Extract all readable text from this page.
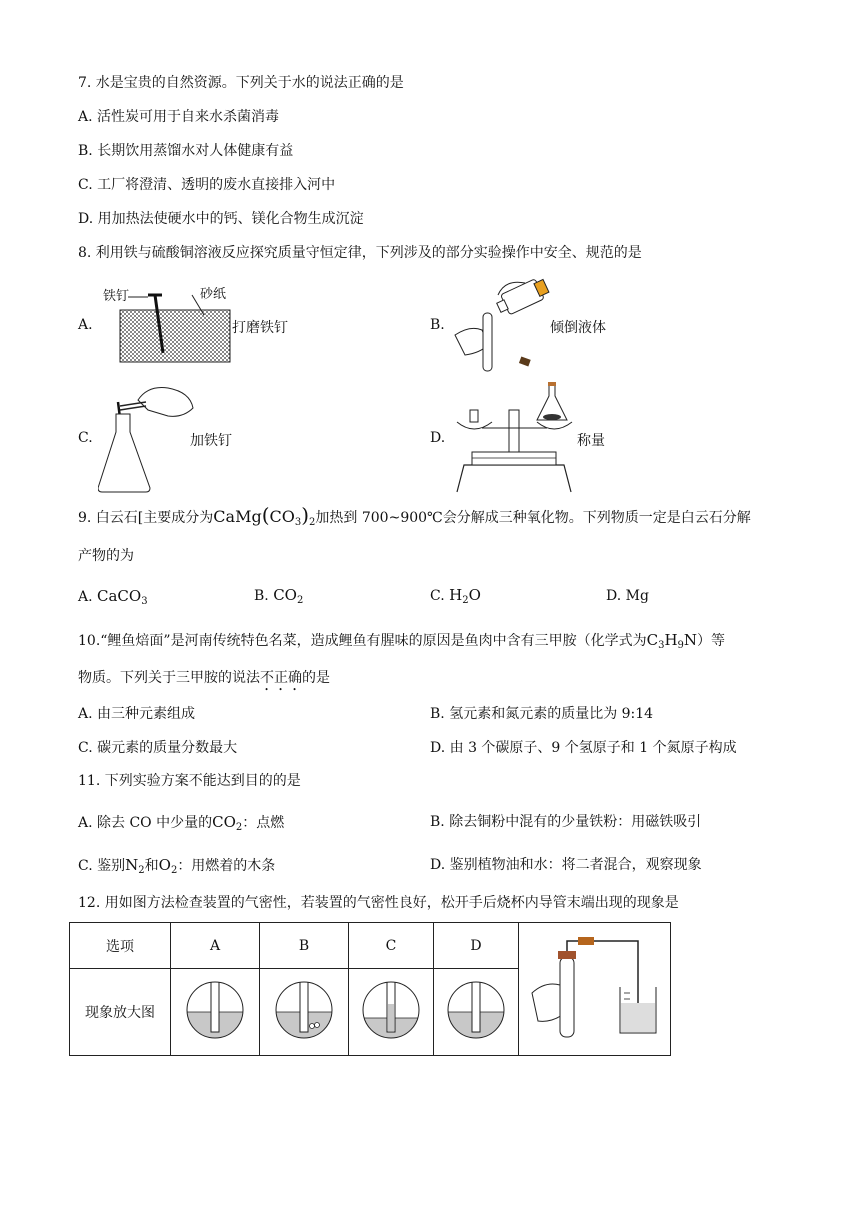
7. 水是宝贵的自然资源。下列关于水的说法正确的是
A. 活性炭可用于自来水杀菌消毒
B. 长期饮用蒸馏水对人体健康有益
C. 工厂将澄清、透明的废水直接排入河中
D. 用加热法使硬水中的钙、镁化合物生成沉淀
8. 利用铁与硫酸铜溶液反应探究质量守恒定律，下列涉及的部分实验操作中安全、规范的是
A.
铁钉	砂纸
打磨铁钉	B.	倾倒液体
C.	加铁钉	D.	称量
9. 白云石[主要成分为$CaMg(CO_3)_2$加热到 700~900℃会分解成三种氧化物。下列物质一定是白云石分解
产物的为
A. CaCO$_3$	B. $CO_2$	C. $H_2O$	D. Mg
10.“鲤鱼焙面”是河南传统特色名菜，造成鲤鱼有腥味的原因是鱼肉中含有三甲胺（化学式为$C_3H_9N$）等
物质。下列关于三甲胺的说法不正确的是
A. 由三种元素组成	B. 氢元素和氮元素的质量比为 9:14
C. 碳元素的质量分数最大	D. 由 3 个碳原子、9 个氢原子和 1 个氮原子构成
11. 下列实验方案不能达到目的的是
A. 除去 CO 中少量的$CO_2$：点燃	B. 除去铜粉中混有的少量铁粉：用磁铁吸引
C. 鉴别$N_2$和$O_2$：用燃着的木条	D. 鉴别植物油和水：将二者混合，观察现象
12. 用如图方法检查装置的气密性，若装置的气密性良好，松开手后烧杯内导管末端出现的现象是
选项	A	B	C	D	
现象放大图				
